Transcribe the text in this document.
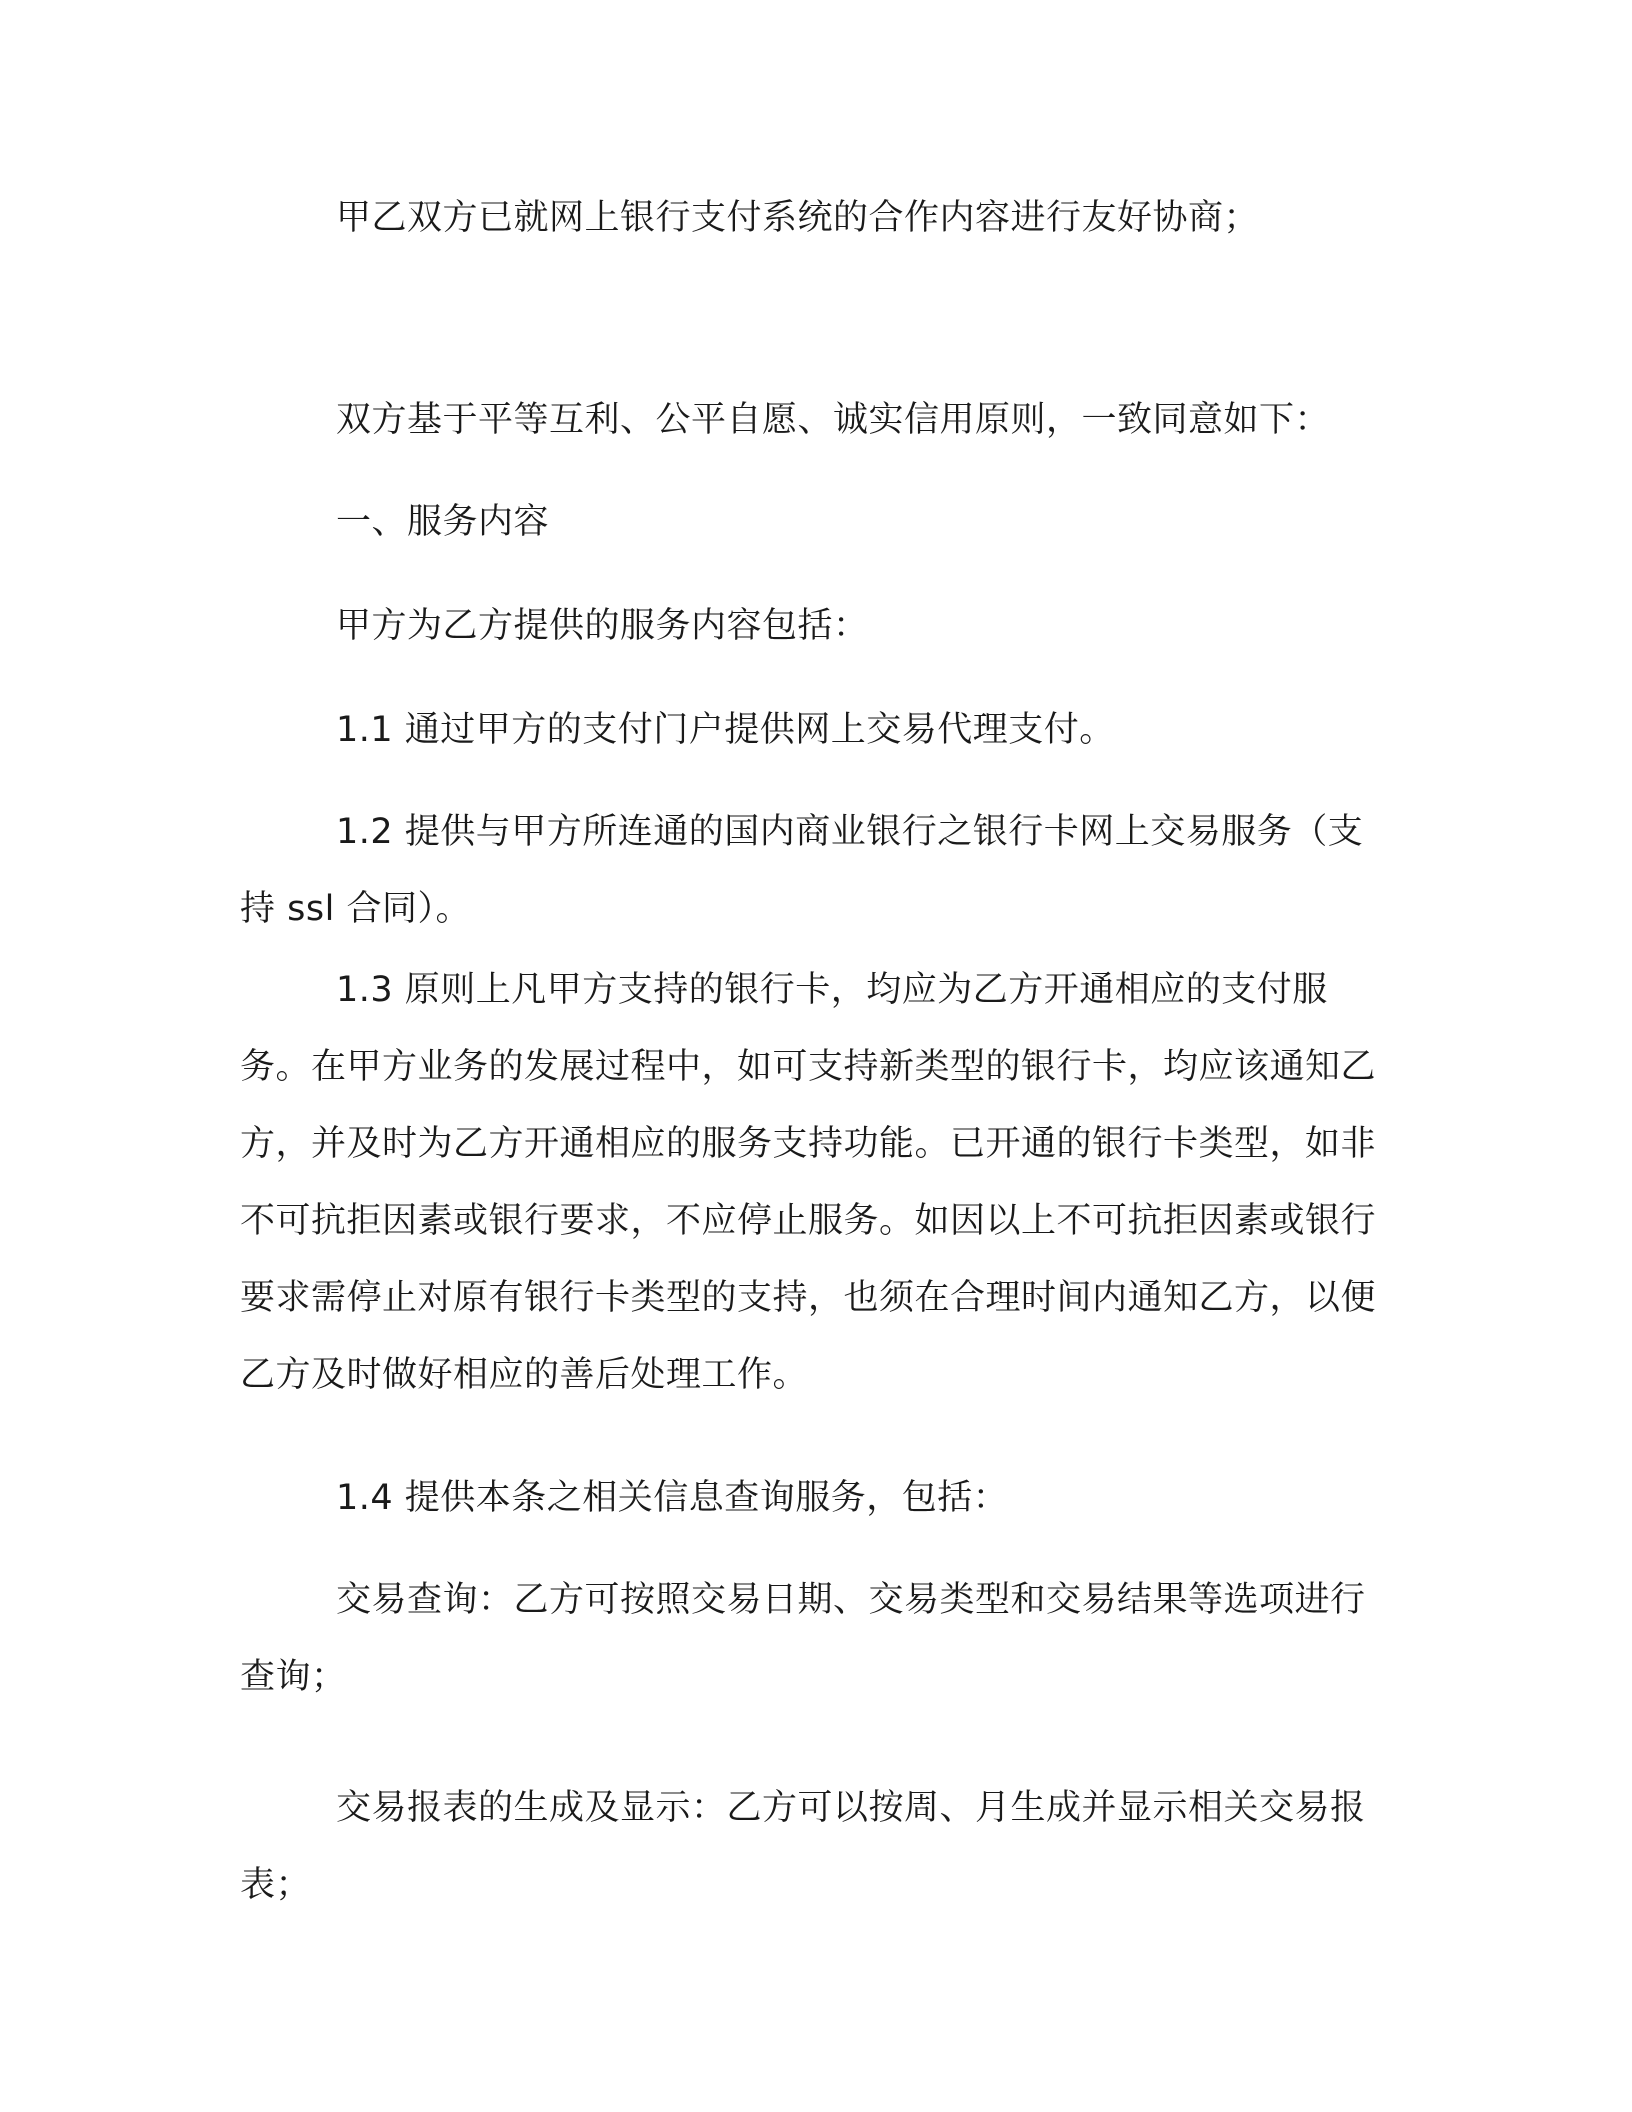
甲乙双方已就网上银行支付系统的合作内容进行友好协商；

双方基于平等互利、公平自愿、诚实信用原则，一致同意如下：

一、服务内容

甲方为乙方提供的服务内容包括：

1.1 通过甲方的支付门户提供网上交易代理支付。

1.2 提供与甲方所连通的国内商业银行之银行卡网上交易服务（支持 ssl 合同）。

1.3 原则上凡甲方支持的银行卡，均应为乙方开通相应的支付服务。在甲方业务的发展过程中，如可支持新类型的银行卡，均应该通知乙方，并及时为乙方开通相应的服务支持功能。已开通的银行卡类型，如非不可抗拒因素或银行要求，不应停止服务。如因以上不可抗拒因素或银行要求需停止对原有银行卡类型的支持，也须在合理时间内通知乙方，以便乙方及时做好相应的善后处理工作。

1.4 提供本条之相关信息查询服务，包括：

交易查询：乙方可按照交易日期、交易类型和交易结果等选项进行查询；

交易报表的生成及显示：乙方可以按周、月生成并显示相关交易报表；
